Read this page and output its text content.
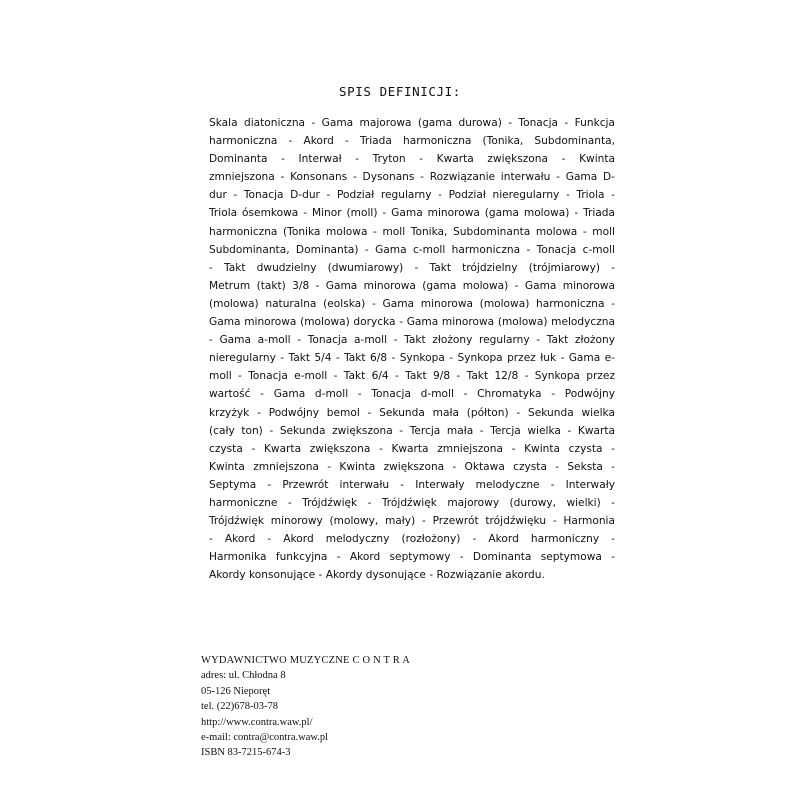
SPIS DEFINICJI:
Skala diatoniczna - Gama majorowa (gama durowa) - Tonacja - Funkcja
harmoniczna - Akord - Triada harmoniczna (Tonika, Subdominanta,
Dominanta - Interwał - Tryton - Kwarta zwiększona - Kwinta
zmniejszona - Konsonans - Dysonans - Rozwiązanie interwału - Gama D-
dur - Tonacja D-dur - Podział regularny - Podział nieregularny - Triola -
Triola ósemkowa - Minor (moll) - Gama minorowa (gama molowa) - Triada
harmoniczna (Tonika molowa - moll Tonika, Subdominanta molowa - moll
Subdominanta, Dominanta) - Gama c-moll harmoniczna - Tonacja c-moll
- Takt dwudzielny (dwumiarowy) - Takt trójdzielny (trójmiarowy) -
Metrum (takt) 3/8 - Gama minorowa (gama molowa) - Gama minorowa
(molowa) naturalna (eolska) - Gama minorowa (molowa) harmoniczna -
Gama minorowa (molowa) dorycka - Gama minorowa (molowa) melodyczna
- Gama a-moll - Tonacja a-moll - Takt złożony regularny - Takt złożony
nieregularny - Takt 5/4 - Takt 6/8 - Synkopa - Synkopa przez łuk - Gama e-
moll - Tonacja e-moll - Takt 6/4 - Takt 9/8 - Takt 12/8 - Synkopa przez
wartość - Gama d-moll - Tonacja d-moll - Chromatyka - Podwójny
krzyżyk - Podwójny bemol - Sekunda mała (półton) - Sekunda wielka
(cały ton) - Sekunda zwiększona - Tercja mała - Tercja wielka - Kwarta
czysta - Kwarta zwiększona - Kwarta zmniejszona - Kwinta czysta -
Kwinta zmniejszona - Kwinta zwiększona - Oktawa czysta - Seksta -
Septyma - Przewrót interwału - Interwały melodyczne - Interwały
harmoniczne - Trójdźwięk - Trójdźwięk majorowy (durowy, wielki) -
Trójdźwięk minorowy (molowy, mały) - Przewrót trójdźwięku - Harmonia
- Akord - Akord melodyczny (rozłożony) - Akord harmoniczny -
Harmonika funkcyjna - Akord septymowy - Dominanta septymowa -
Akordy konsonujące - Akordy dysonujące - Rozwiązanie akordu.
WYDAWNICTWO MUZYCZNE C O N T R A
adres: ul. Chłodna 8
05-126 Nieporęt
tel. (22)678-03-78
http://www.contra.waw.pl/
e-mail: contra@contra.waw.pl
ISBN 83-7215-674-3
